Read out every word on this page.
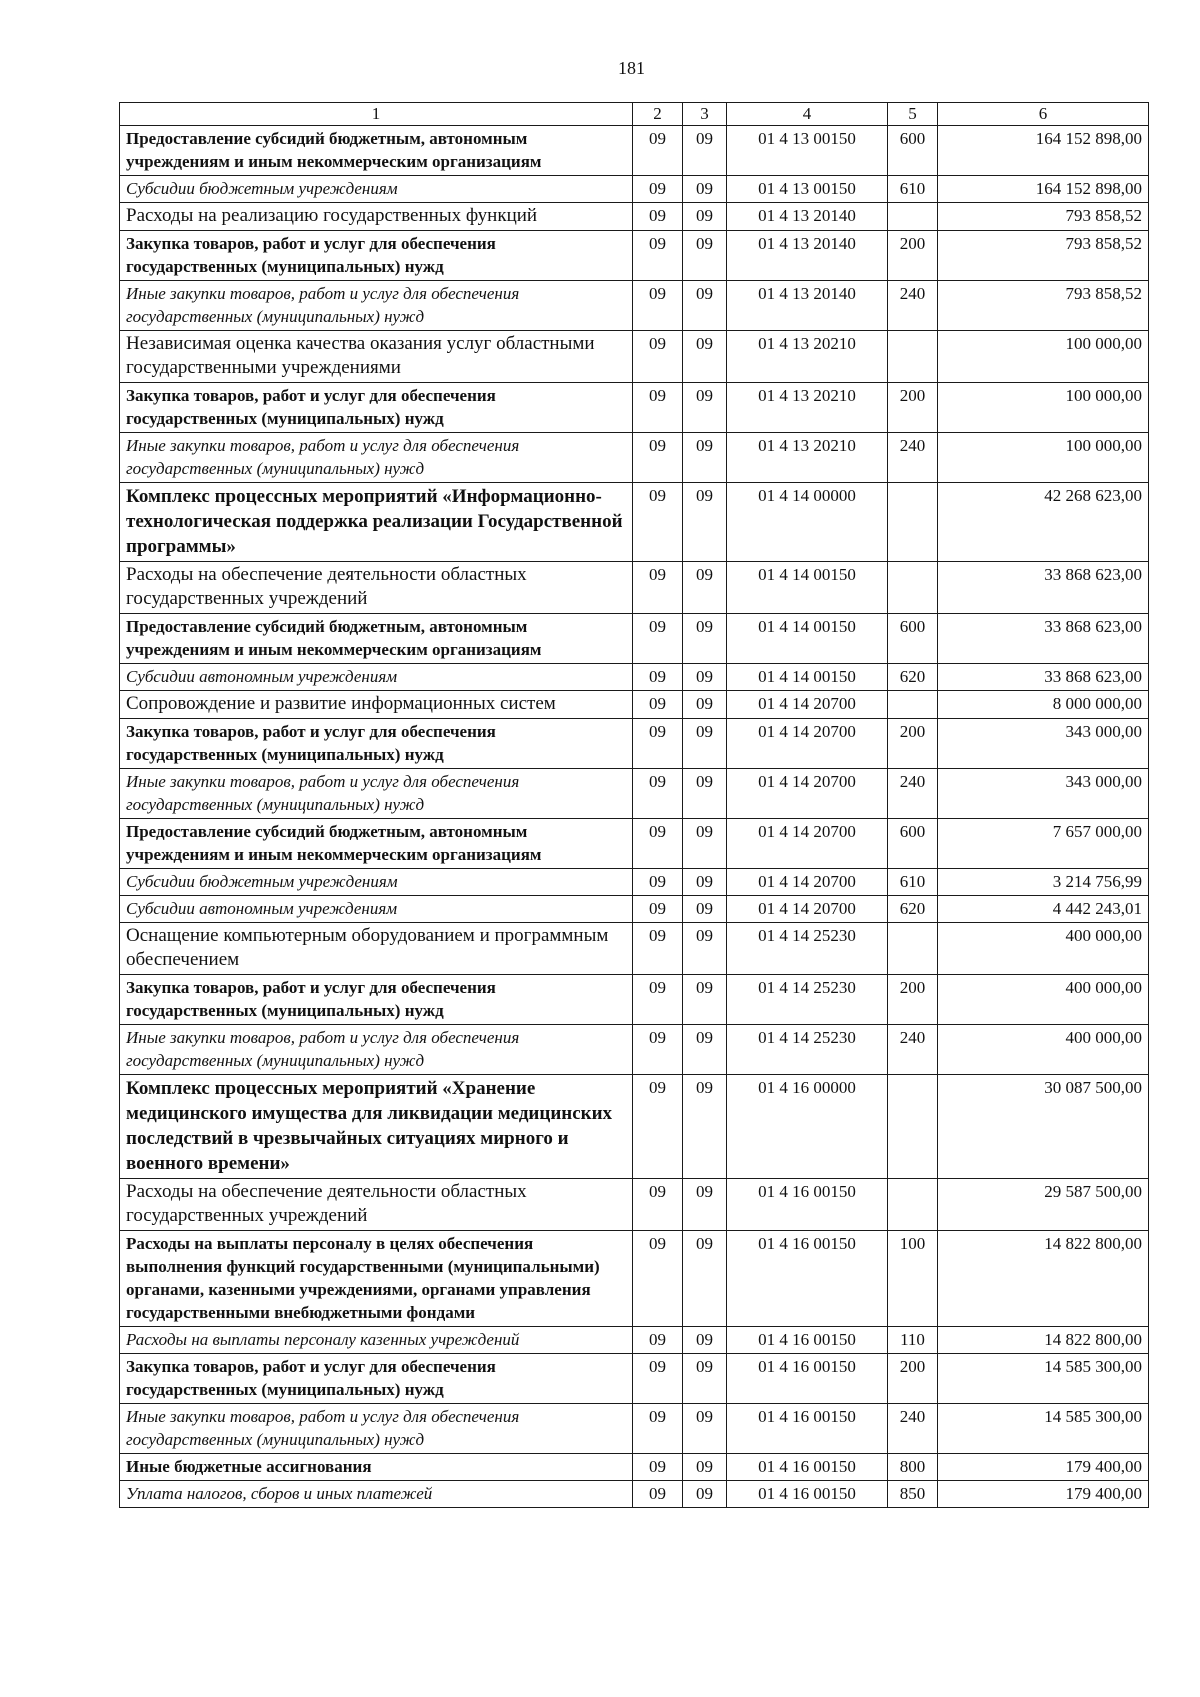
181
1	2	3	4	5	6
Предоставление субсидий бюджетным, автономным учреждениям и иным некоммерческим организациям	09	09	01 4 13 00150	600	164 152 898,00
Субсидии бюджетным учреждениям	09	09	01 4 13 00150	610	164 152 898,00
Расходы на реализацию государственных функций	09	09	01 4 13 20140		793 858,52
Закупка товаров, работ и услуг для обеспечения государственных (муниципальных) нужд	09	09	01 4 13 20140	200	793 858,52
Иные закупки товаров, работ и услуг для обеспечения государственных (муниципальных) нужд	09	09	01 4 13 20140	240	793 858,52
Независимая оценка качества оказания услуг областными государственными учреждениями	09	09	01 4 13 20210		100 000,00
Закупка товаров, работ и услуг для обеспечения государственных (муниципальных) нужд	09	09	01 4 13 20210	200	100 000,00
Иные закупки товаров, работ и услуг для обеспечения государственных (муниципальных) нужд	09	09	01 4 13 20210	240	100 000,00
Комплекс процессных мероприятий «Информационно-технологическая поддержка реализации Государственной программы»	09	09	01 4 14 00000		42 268 623,00
Расходы на обеспечение деятельности областных государственных учреждений	09	09	01 4 14 00150		33 868 623,00
Предоставление субсидий бюджетным, автономным учреждениям и иным некоммерческим организациям	09	09	01 4 14 00150	600	33 868 623,00
Субсидии автономным учреждениям	09	09	01 4 14 00150	620	33 868 623,00
Сопровождение и развитие информационных систем	09	09	01 4 14 20700		8 000 000,00
Закупка товаров, работ и услуг для обеспечения государственных (муниципальных) нужд	09	09	01 4 14 20700	200	343 000,00
Иные закупки товаров, работ и услуг для обеспечения государственных (муниципальных) нужд	09	09	01 4 14 20700	240	343 000,00
Предоставление субсидий бюджетным, автономным учреждениям и иным некоммерческим организациям	09	09	01 4 14 20700	600	7 657 000,00
Субсидии бюджетным учреждениям	09	09	01 4 14 20700	610	3 214 756,99
Субсидии автономным учреждениям	09	09	01 4 14 20700	620	4 442 243,01
Оснащение компьютерным оборудованием и программным обеспечением	09	09	01 4 14 25230		400 000,00
Закупка товаров, работ и услуг для обеспечения государственных (муниципальных) нужд	09	09	01 4 14 25230	200	400 000,00
Иные закупки товаров, работ и услуг для обеспечения государственных (муниципальных) нужд	09	09	01 4 14 25230	240	400 000,00
Комплекс процессных мероприятий «Хранение медицинского имущества для ликвидации медицинских последствий в чрезвычайных ситуациях мирного и военного времени»	09	09	01 4 16 00000		30 087 500,00
Расходы на обеспечение деятельности областных государственных учреждений	09	09	01 4 16 00150		29 587 500,00
Расходы на выплаты персоналу в целях обеспечения выполнения функций государственными (муниципальными) органами, казенными учреждениями, органами управления государственными внебюджетными фондами	09	09	01 4 16 00150	100	14 822 800,00
Расходы на выплаты персоналу казенных учреждений	09	09	01 4 16 00150	110	14 822 800,00
Закупка товаров, работ и услуг для обеспечения государственных (муниципальных) нужд	09	09	01 4 16 00150	200	14 585 300,00
Иные закупки товаров, работ и услуг для обеспечения государственных (муниципальных) нужд	09	09	01 4 16 00150	240	14 585 300,00
Иные бюджетные ассигнования	09	09	01 4 16 00150	800	179 400,00
Уплата налогов, сборов и иных платежей	09	09	01 4 16 00150	850	179 400,00
